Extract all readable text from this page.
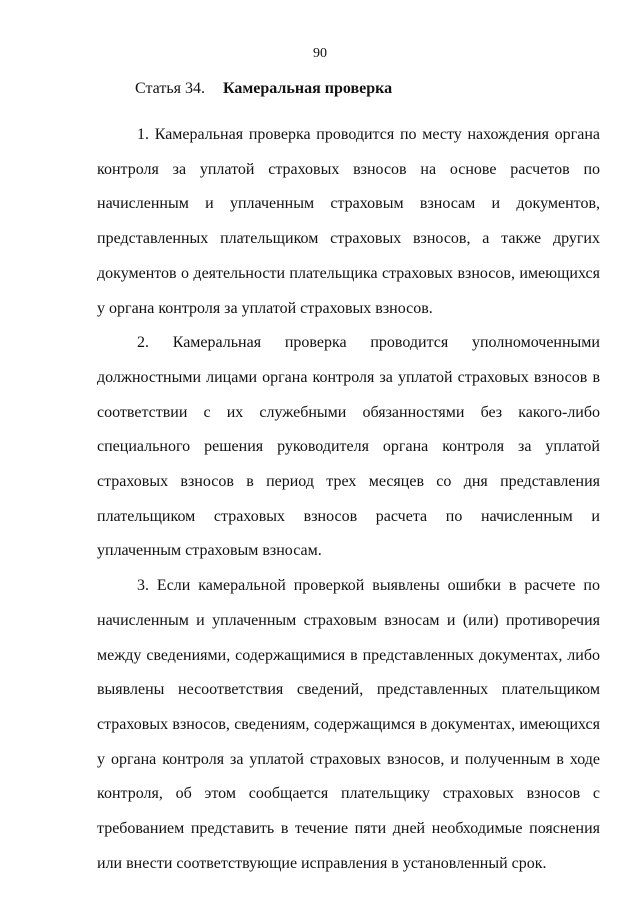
90
Статья 34. Камеральная проверка

1. Камеральная проверка проводится по месту нахождения органа контроля за уплатой страховых взносов на основе расчетов по начисленным и уплаченным страховым взносам и документов, представленных плательщиком страховых взносов, а также других документов о деятельности плательщика страховых взносов, имеющихся у органа контроля за уплатой страховых взносов.

2. Камеральная проверка проводится уполномоченными должностными лицами органа контроля за уплатой страховых взносов в соответствии с их служебными обязанностями без какого-либо специального решения руководителя органа контроля за уплатой страховых взносов в период трех месяцев со дня представления плательщиком страховых взносов расчета по начисленным и уплаченным страховым взносам.

3. Если камеральной проверкой выявлены ошибки в расчете по начисленным и уплаченным страховым взносам и (или) противоречия между сведениями, содержащимися в представленных документах, либо выявлены несоответствия сведений, представленных плательщиком страховых взносов, сведениям, содержащимся в документах, имеющихся у органа контроля за уплатой страховых взносов, и полученным в ходе контроля, об этом сообщается плательщику страховых взносов с требованием представить в течение пяти дней необходимые пояснения или внести соответствующие исправления в установленный срок.
